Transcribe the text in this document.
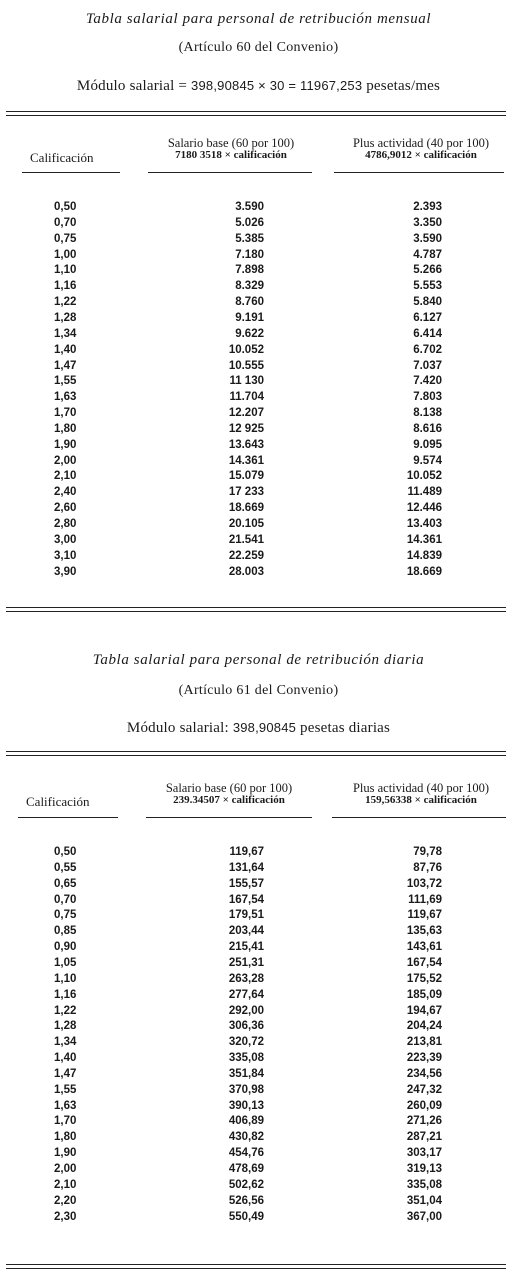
Tabla salarial para personal de retribución mensual
(Artículo 60 del Convenio)
Módulo salarial = 398,90845 × 30 = 11967,253 pesetas/mes
Calificación
Salario base (60 por 100)
7180 3518 × calificación
Plus actividad (40 por 100)
4786,9012 × calificación
0,50	3.590	2.393
0,70	5.026	3.350
0,75	5.385	3.590
1,00	7.180	4.787
1,10	7.898	5.266
1,16	8.329	5.553
1,22	8.760	5.840
1,28	9.191	6.127
1,34	9.622	6.414
1,40	10.052	6.702
1,47	10.555	7.037
1,55	11 130	7.420
1,63	11.704	7.803
1,70	12.207	8.138
1,80	12 925	8.616
1,90	13.643	9.095
2,00	14.361	9.574
2,10	15.079	10.052
2,40	17 233	11.489
2,60	18.669	12.446
2,80	20.105	13.403
3,00	21.541	14.361
3,10	22.259	14.839
3,90	28.003	18.669
Tabla salarial para personal de retribución diaria
(Artículo 61 del Convenio)
Módulo salarial: 398,90845 pesetas diarias
Calificación
Salario base (60 por 100)
239.34507 × calificación
Plus actividad (40 por 100)
159,56338 × calificación
0,50	119,67	79,78
0,55	131,64	87,76
0,65	155,57	103,72
0,70	167,54	111,69
0,75	179,51	119,67
0,85	203,44	135,63
0,90	215,41	143,61
1,05	251,31	167,54
1,10	263,28	175,52
1,16	277,64	185,09
1,22	292,00	194,67
1,28	306,36	204,24
1,34	320,72	213,81
1,40	335,08	223,39
1,47	351,84	234,56
1,55	370,98	247,32
1,63	390,13	260,09
1,70	406,89	271,26
1,80	430,82	287,21
1,90	454,76	303,17
2,00	478,69	319,13
2,10	502,62	335,08
2,20	526,56	351,04
2,30	550,49	367,00
